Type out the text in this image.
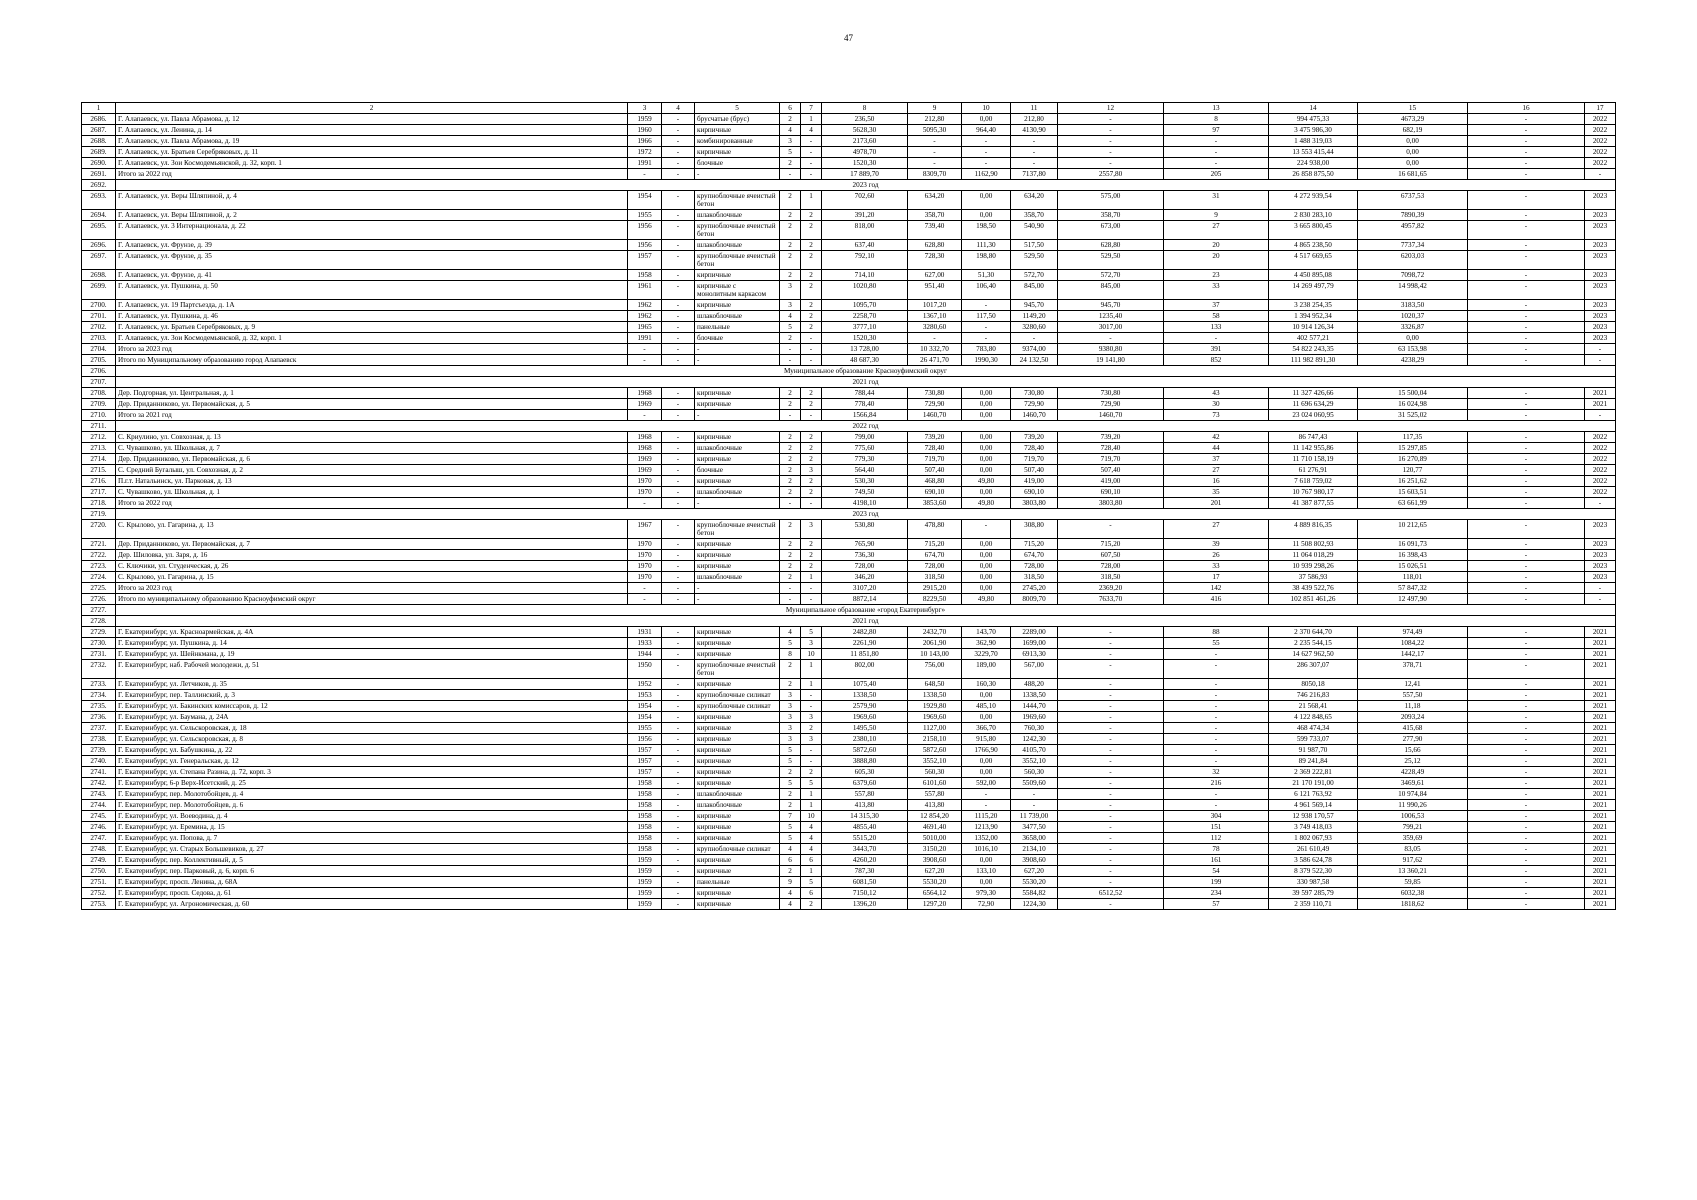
47
1	2	3	4	5	6	7	8	9	10	11	12	13	14	15	16	17
2686.	Г. Алапаевск, ул. Павла Абрамова, д. 12	1959	-	брусчатые (брус)	2	1	236,50	212,80	0,00	212,80	-	8	994 475,33	4673,29	-	2022
2687.	Г. Алапаевск, ул. Ленина, д. 14	1960	-	кирпичные	4	4	5628,30	5095,30	964,40	4130,90	-	97	3 475 986,30	682,19	-	2022
2688.	Г. Алапаевск, ул. Павла Абрамова, д. 19	1966	-	комбинированные	3	-	2173,60	-	-	-	-	-	1 488 319,03	0,00	-	2022
2689.	Г. Алапаевск, ул. Братьев Серебряковых, д. 11	1972	-	кирпичные	5	-	4978,70	-	-	-	-	-	13 553 415,44	0,00	-	2022
2690.	Г. Алапаевск, ул. Зои Космодемьянской, д. 32, корп. 1	1991	-	блочные	2	-	1520,30	-	-	-	-	-	224 938,00	0,00	-	2022
2691.	Итого за 2022 год	-	-	-	-	-	17 889,70	8309,70	1162,90	7137,80	2557,80	205	26 858 875,50	16 681,65	-	-
2692.	2023 год															
2693.	Г. Алапаевск, ул. Веры Шляпиной, д. 4	1954	-	крупноблочные ячеистый бетон	2	1	702,60	634,20	0,00	634,20	575,00	31	4 272 939,54	6737,53	-	2023
2694.	Г. Алапаевск, ул. Веры Шляпиной, д. 2	1955	-	шлакоблочные	2	2	391,20	358,70	0,00	358,70	358,70	9	2 830 283,10	7890,39	-	2023
2695.	Г. Алапаевск, ул. 3 Интернационала, д. 22	1956	-	крупноблочные ячеистый бетон	2	2	818,00	739,40	198,50	540,90	673,00	27	3 665 800,45	4957,82	-	2023
2696.	Г. Алапаевск, ул. Фрунзе, д. 39	1956	-	шлакоблочные	2	2	637,40	628,80	111,30	517,50	628,80	20	4 865 238,50	7737,34	-	2023
2697.	Г. Алапаевск, ул. Фрунзе, д. 35	1957	-	крупноблочные ячеистый бетон	2	2	792,10	728,30	198,80	529,50	529,50	20	4 517 669,65	6203,03	-	2023
2698.	Г. Алапаевск, ул. Фрунзе, д. 41	1958	-	кирпичные	2	2	714,10	627,00	51,30	572,70	572,70	23	4 450 895,08	7098,72	-	2023
2699.	Г. Алапаевск, ул. Пушкина, д. 50	1961	-	кирпичные с монолитным каркасом	3	2	1020,80	951,40	106,40	845,00	845,00	33	14 269 497,79	14 998,42	-	2023
2700.	Г. Алапаевск, ул. 19 Партсъезда, д. 1А	1962	-	кирпичные	3	2	1095,70	1017,20	-	945,70	945,70	37	3 238 254,35	3183,50	-	2023
2701.	Г. Алапаевск, ул. Пушкина, д. 46	1962	-	шлакоблочные	4	2	2258,70	1367,10	117,50	1149,20	1235,40	58	1 394 952,34	1020,37	-	2023
2702.	Г. Алапаевск, ул. Братьев Серебряковых, д. 9	1965	-	панельные	5	2	3777,10	3280,60	-	3280,60	3017,00	133	10 914 126,34	3326,87	-	2023
2703.	Г. Алапаевск, ул. Зои Космодемьянской, д. 32, корп. 1	1991	-	блочные	2	-	1520,30	-	-	-	-	-	402 577,21	0,00	-	2023
2704.	Итого за 2023 год	-	-	-	-	-	13 728,00	10 332,70	783,80	9374,00	9380,80	391	54 822 243,35	63 153,98	-	-
2705.	Итого по Муниципальному образованию город Алапаевск	-	-	-	-	-	48 687,30	26 471,70	1990,30	24 132,50	19 141,80	852	111 982 891,30	4238,29	-	-
2706.	Муниципальное образование Красноуфимский округ															
2707.	2021 год															
2708.	Дер. Подгорная, ул. Центральная, д. 1	1968	-	кирпичные	2	2	788,44	730,80	0,00	730,80	730,80	43	11 327 426,66	15 500,04	-	2021
2709.	Дер. Приданниково, ул. Первомайская, д. 5	1969	-	кирпичные	2	2	778,40	729,90	0,00	729,90	729,90	30	11 696 634,29	16 024,98	-	2021
2710.	Итого за 2021 год	-	-	-	-	-	1566,84	1460,70	0,00	1460,70	1460,70	73	23 024 060,95	31 525,02	-	-
2711.	2022 год															
2712.	С. Криулино, ул. Совхозная, д. 13	1968	-	кирпичные	2	2	799,00	739,20	0,00	739,20	739,20	42	86 747,43	117,35	-	2022
2713.	С. Чувашково, ул. Школьная, д. 7	1968	-	шлакоблочные	2	2	775,60	728,40	0,00	728,40	728,40	44	11 142 955,86	15 297,85	-	2022
2714.	Дер. Приданниково, ул. Первомайская, д. 6	1969	-	кирпичные	2	2	779,30	719,70	0,00	719,70	719,70	37	11 710 158,19	16 270,89	-	2022
2715.	С. Средний Бугалыш, ул. Совхозная, д. 2	1969	-	блочные	2	3	564,40	507,40	0,00	507,40	507,40	27	61 276,91	120,77	-	2022
2716.	П.г.т. Натальинск, ул. Парковая, д. 13	1970	-	кирпичные	2	2	530,30	468,80	49,80	419,00	419,00	16	7 618 759,02	16 251,62	-	2022
2717.	С. Чувашково, ул. Школьная, д. 1	1970	-	шлакоблочные	2	2	749,50	690,10	0,00	690,10	690,10	35	10 767 980,17	15 603,51	-	2022
2718.	Итого за 2022 год	-	-	-	-	-	4198,10	3853,60	49,80	3803,80	3803,80	201	41 387 877,55	63 661,99	-	-
2719.	2023 год															
2720.	С. Крылово, ул. Гагарина, д. 13	1967	-	крупноблочные ячеистый бетон	2	3	530,80	478,80	-	308,80	-	27	4 889 816,35	10 212,65	-	2023
2721.	Дер. Приданниково, ул. Первомайская, д. 7	1970	-	кирпичные	2	2	765,90	715,20	0,00	715,20	715,20	39	11 508 802,93	16 091,73	-	2023
2722.	Дер. Шиловка, ул. Заря, д. 16	1970	-	кирпичные	2	2	736,30	674,70	0,00	674,70	607,50	26	11 064 018,29	16 398,43	-	2023
2723.	С. Ключики, ул. Студенческая, д. 26	1970	-	кирпичные	2	2	728,00	728,00	0,00	728,00	728,00	33	10 939 298,26	15 026,51	-	2023
2724.	С. Крылово, ул. Гагарина, д. 15	1970	-	шлакоблочные	2	1	346,20	318,50	0,00	318,50	318,50	17	37 586,93	118,01	-	2023
2725.	Итого за 2023 год	-	-	-	-	-	3107,20	2915,20	0,00	2745,20	2369,20	142	38 439 522,76	57 847,32	-	-
2726.	Итого по муниципальному образованию Красноуфимский округ	-	-	-	-	-	8872,14	8229,50	49,80	8009,70	7633,70	416	102 851 461,26	12 497,90	-	-
2727.	Муниципальное образование «город Екатеринбург»															
2728.	2021 год															
2729.	Г. Екатеринбург, ул. Красноармейская, д. 4А	1931	-	кирпичные	4	5	2482,80	2432,70	143,70	2289,00	-	88	2 370 644,70	974,49	-	2021
2730.	Г. Екатеринбург, ул. Пушкина, д. 14	1933	-	кирпичные	5	3	2261,90	2061,90	362,90	1699,00	-	55	2 235 544,15	1084,22	-	2021
2731.	Г. Екатеринбург, ул. Шейнкмана, д. 19	1944	-	кирпичные	8	10	11 851,80	10 143,00	3229,70	6913,30	-	-	14 627 962,50	1442,17	-	2021
2732.	Г. Екатеринбург, наб. Рабочей молодежи, д. 51	1950	-	крупноблочные ячеистый бетон	2	1	802,00	756,00	189,00	567,00	-	-	286 307,07	378,71	-	2021
2733.	Г. Екатеринбург, ул. Летчиков, д. 35	1952	-	кирпичные	2	1	1075,40	648,50	160,30	488,20	-	-	8050,18	12,41	-	2021
2734.	Г. Екатеринбург, пер. Таллинский, д. 3	1953	-	крупноблочные силикат	3	-	1338,50	1338,50	0,00	1338,50	-	-	746 216,83	557,50	-	2021
2735.	Г. Екатеринбург, ул. Бакинских комиссаров, д. 12	1954	-	крупноблочные силикат	3	-	2579,90	1929,80	485,10	1444,70	-	-	21 568,41	11,18	-	2021
2736.	Г. Екатеринбург, ул. Баумана, д. 24А	1954	-	кирпичные	3	3	1969,60	1969,60	0,00	1969,60	-	-	4 122 848,65	2093,24	-	2021
2737.	Г. Екатеринбург, ул. Сельскоровская, д. 18	1955	-	кирпичные	3	2	1495,50	1127,00	366,70	760,30	-	-	468 474,34	415,68	-	2021
2738.	Г. Екатеринбург, ул. Сельскоровская, д. 8	1956	-	кирпичные	3	3	2380,10	2158,10	915,80	1242,30	-	-	599 733,07	277,90	-	2021
2739.	Г. Екатеринбург, ул. Бабушкина, д. 22	1957	-	кирпичные	5	-	5872,60	5872,60	1766,90	4105,70	-	-	91 987,70	15,66	-	2021
2740.	Г. Екатеринбург, ул. Генеральская, д. 12	1957	-	кирпичные	5	-	3888,80	3552,10	0,00	3552,10	-	-	89 241,84	25,12	-	2021
2741.	Г. Екатеринбург, ул. Степана Разина, д. 72, корп. 3	1957	-	кирпичные	2	2	605,30	560,30	0,00	560,30	-	32	2 369 222,81	4228,49	-	2021
2742.	Г. Екатеринбург, 6-р Верх-Исетский, д. 25	1958	-	кирпичные	5	5	6379,60	6101,60	592,00	5509,60	-	216	21 170 191,00	3469,61	-	2021
2743.	Г. Екатеринбург, пер. Молотобойцев, д. 4	1958	-	шлакоблочные	2	1	557,80	557,80	-	-	-	-	6 121 763,92	10 974,84	-	2021
2744.	Г. Екатеринбург, пер. Молотобойцев, д. 6	1958	-	шлакоблочные	2	1	413,80	413,80	-	-	-	-	4 961 569,14	11 990,26	-	2021
2745.	Г. Екатеринбург, ул. Воеводина, д. 4	1958	-	кирпичные	7	10	14 315,30	12 854,20	1115,20	11 739,00	-	304	12 938 170,57	1006,53	-	2021
2746.	Г. Екатеринбург, ул. Еремина, д. 15	1958	-	кирпичные	5	4	4855,40	4691,40	1213,90	3477,50	-	151	3 749 418,03	799,21	-	2021
2747.	Г. Екатеринбург, ул. Попова, д. 7	1958	-	кирпичные	5	4	5515,20	5010,00	1352,00	3658,00	-	112	1 802 067,93	359,69	-	2021
2748.	Г. Екатеринбург, ул. Старых Большевиков, д. 27	1958	-	крупноблочные силикат	4	4	3443,70	3150,20	1016,10	2134,10	-	78	261 610,49	83,05	-	2021
2749.	Г. Екатеринбург, пер. Коллективный, д. 5	1959	-	кирпичные	6	6	4260,20	3908,60	0,00	3908,60	-	161	3 586 624,78	917,62	-	2021
2750.	Г. Екатеринбург, пер. Парковый, д. 6, корп. 6	1959	-	кирпичные	2	1	787,30	627,20	133,10	627,20	-	54	8 379 522,30	13 360,21	-	2021
2751.	Г. Екатеринбург, просп. Ленина, д. 68А	1959	-	панельные	9	5	6081,50	5530,20	0,00	5530,20	-	199	330 987,58	59,85	-	2021
2752.	Г. Екатеринбург, просп. Седова, д. 61	1959	-	кирпичные	4	6	7150,12	6564,12	979,30	5584,82	6512,52	234	39 597 285,79	6032,38	-	2021
2753.	Г. Екатеринбург, ул. Агрономическая, д. 60	1959	-	кирпичные	4	2	1396,20	1297,20	72,90	1224,30	-	57	2 359 110,71	1818,62	-	2021
